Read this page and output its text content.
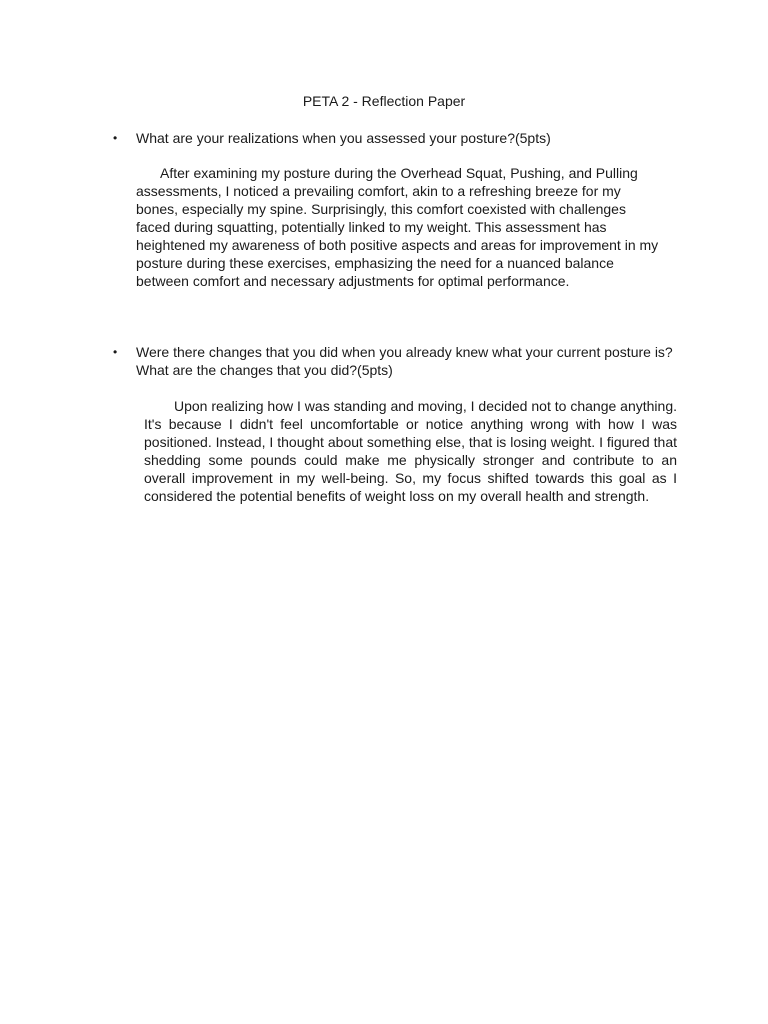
PETA 2 - Reflection Paper
• What are your realizations when you assessed your posture?(5pts)

After examining my posture during the Overhead Squat, Pushing, and Pulling assessments, I noticed a prevailing comfort, akin to a refreshing breeze for my bones, especially my spine. Surprisingly, this comfort coexisted with challenges faced during squatting, potentially linked to my weight. This assessment has heightened my awareness of both positive aspects and areas for improvement in my posture during these exercises, emphasizing the need for a nuanced balance between comfort and necessary adjustments for optimal performance.

• Were there changes that you did when you already knew what your current posture is? What are the changes that you did?(5pts)

Upon realizing how I was standing and moving, I decided not to change anything. It's because I didn't feel uncomfortable or notice anything wrong with how I was positioned. Instead, I thought about something else, that is losing weight. I figured that shedding some pounds could make me physically stronger and contribute to an overall improvement in my well-being. So, my focus shifted towards this goal as I considered the potential benefits of weight loss on my overall health and strength.
